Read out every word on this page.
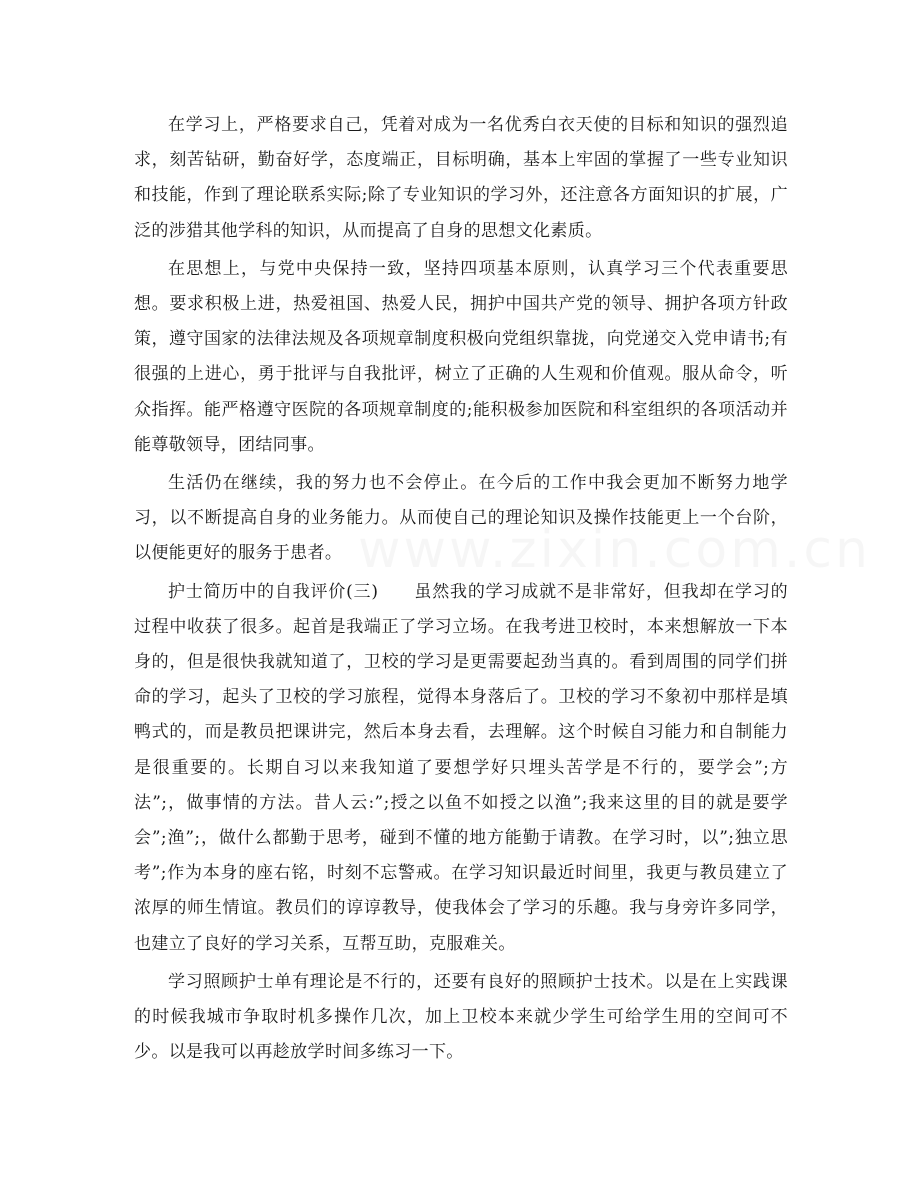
在学习上，严格要求自己，凭着对成为一名优秀白衣天使的目标和知识的强烈追求，刻苦钻研，勤奋好学，态度端正，目标明确，基本上牢固的掌握了一些专业知识和技能，作到了理论联系实际;除了专业知识的学习外，还注意各方面知识的扩展，广泛的涉猎其他学科的知识，从而提高了自身的思想文化素质。

在思想上，与党中央保持一致，坚持四项基本原则，认真学习三个代表重要思想。要求积极上进，热爱祖国、热爱人民，拥护中国共产党的领导、拥护各项方针政策，遵守国家的法律法规及各项规章制度积极向党组织靠拢，向党递交入党申请书;有很强的上进心，勇于批评与自我批评，树立了正确的人生观和价值观。服从命令，听众指挥。能严格遵守医院的各项规章制度的;能积极参加医院和科室组织的各项活动并能尊敬领导，团结同事。

生活仍在继续，我的努力也不会停止。在今后的工作中我会更加不断努力地学习，以不断提高自身的业务能力。从而使自己的理论知识及操作技能更上一个台阶，以便能更好的服务于患者。

护士简历中的自我评价(三)　　虽然我的学习成就不是非常好，但我却在学习的过程中收获了很多。起首是我端正了学习立场。在我考进卫校时，本来想解放一下本身的，但是很快我就知道了，卫校的学习是更需要起劲当真的。看到周围的同学们拼命的学习，起头了卫校的学习旅程，觉得本身落后了。卫校的学习不象初中那样是填鸭式的，而是教员把课讲完，然后本身去看，去理解。这个时候自习能力和自制能力是很重要的。长期自习以来我知道了要想学好只埋头苦学是不行的，要学会”;方法”;，做事情的方法。昔人云:”;授之以鱼不如授之以渔”;我来这里的目的就是要学会”;渔”;，做什么都勤于思考，碰到不懂的地方能勤于请教。在学习时，以”;独立思考”;作为本身的座右铭，时刻不忘警戒。在学习知识最近时间里，我更与教员建立了浓厚的师生情谊。教员们的谆谆教导，使我体会了学习的乐趣。我与身旁许多同学，也建立了良好的学习关系，互帮互助，克服难关。

学习照顾护士单有理论是不行的，还要有良好的照顾护士技术。以是在上实践课的时候我城市争取时机多操作几次，加上卫校本来就少学生可给学生用的空间可不少。以是我可以再趁放学时间多练习一下。
